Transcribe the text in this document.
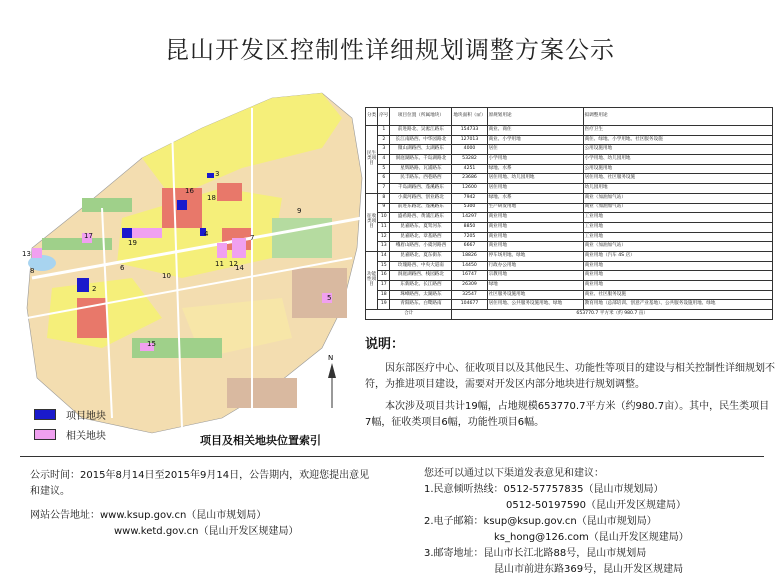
昆山开发区控制性详细规划调整方案公示
2
3
4
5
6
7
8
9
10
11 12
13
14
15
16
17
18
19
N
项目地块
相关地块	项目及相关地块位置索引
分类	序号	项目位置（所属地块）	地块面积（㎡）	原规划用途	拟调整用途
民生类项目	1	前进路北、吴淞江路东	154733	商业、商住	医疗卫生
	2	长江南路西、中华园路北	127013	商业、小学用地	商住、绿地、小学用地、社区服务设施
	3	微山湖路西、太湖路东	4000	居住	公用设施用地
	4	洞庭湖路东、千岛湖路北	53282	小学用地	小学用地、幼儿园用地
	5	星辉路路、瓦浦路东	4251	绿地、水系	公用设施用地
	6	民丰路东、西巷路西	23686	居住用地、幼儿园用地	居住用地、社区服务设施
	7	千岛湖路西、蓬溪路东	12600	居住用地	幼儿园用地
征收类项目	8	小虞河路西、创业路北	7942	绿地、水系	商业（加油加气站）
	9	前进东路北、蓬溪路东	5300	生产研发用地	商业（加油加气站）
	10	盛希路西、黄浦江路东	14297	商业用地	工业用地
	11	昆嘉路东、夏驾河东	8850	商业用地	工业用地
	12	昆嘉路北、章基路西	7205	商业用地	工业用地
	13	峨眉山路西、小虞河路西	6667	商业用地	商业（加油加气站）
功能性项目	14	昆嘉路北、夏东街东	18826	停车场用地、绿地	商业用地（汽车 4S 店）
	15	玫瑰路西、中央大道南	14450	行政办公用地	商业用地
	16	洞庭湖路西、栈园路北	16747	宗教用地	商业用地
	17	东新路北、长江路西	26309	绿地	商业用地
	18	珠峰路西、太湖路东	32547	社区服务设施用地	商业、社区服务设施
	19	青阳路东、白鹭路南	104677	居住用地、公共服务设施用地、绿地	教育用地（总部培训、创意产业基地）、公共服务设施用地、绿地
合计			653770.7 平方米（约 980.7 亩）		
说明：

因东部医疗中心、征收项目以及其他民生、功能性等项目的建设与相关控制性详细规划不符，为推进项目建设，需要对开发区内部分地块进行规划调整。

本次涉及项目共计19幅，占地规模653770.7平方米（约980.7亩）。其中，民生类项目7幅，征收类项目6幅，功能性项目6幅。

公示时间：2015年8月14日至2015年9月14日，公告期内，欢迎您提出意见和建议。
网站公告地址：www.ksup.gov.cn（昆山市规划局）
www.ketd.gov.cn（昆山开发区规建局）
您还可以通过以下渠道发表意见和建议：
1.民意倾听热线：0512-57757835（昆山市规划局）
0512-50197590（昆山开发区规建局）
2.电子邮箱：ksup@ksup.gov.cn（昆山市规划局）
ks_hong@126.com（昆山开发区规建局）
3.邮寄地址：昆山市长江北路88号，昆山市规划局
昆山市前进东路369号，昆山开发区规建局
